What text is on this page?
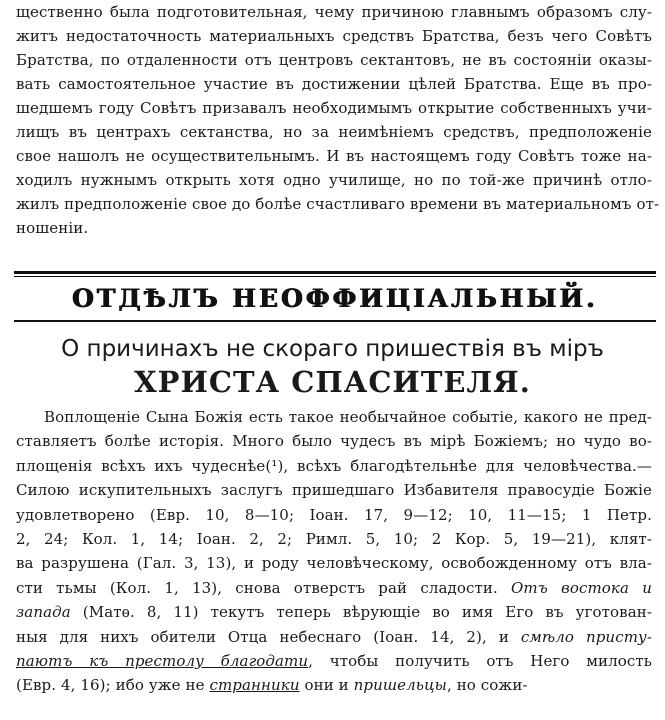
щественно была подготовительная, чему причиною главнымъ образомъ слу-
житъ недостаточность материальныхъ средствъ Братства, безъ чего Совѣтъ
Братства, по отдаленности отъ центровъ сектантовъ, не въ состоянiи оказы-
вать самостоятельное участие въ достижении цѣлей Братства. Еще въ про-
шедшемъ году Совѣтъ призавалъ необходимымъ открытие собственныхъ учи-
лищъ въ центрахъ сектанства, но за неимѣнiемъ средствъ, предположенiе
свое нашолъ не осуществительнымъ. И въ настоящемъ году Совѣтъ тоже на-
ходилъ нужнымъ открыть хотя одно училище, но по той-же причинѣ отло-
жилъ предположенiе свое до болѣе счастливаго времени въ материальномъ от-
ношенiи.
ОТДѢЛЪ НЕОФФИЦIАЛЬНЫЙ.
О причинахъ не скораго пришествiя въ мiръ
ХРИСТА СПАСИТЕЛЯ.
Воплощенiе Сына Божiя есть такое необычайное событiе, какого не пред-
ставляетъ болѣе исторiя. Много было чудесъ въ мiрѣ Божiемъ; но чудо во-
площенiя всѣхъ ихъ чудеснѣе(¹), всѣхъ благодѣтельнѣе для человѣчества.—
Силою искупительныхъ заслугъ пришедшаго Избавителя правосудiе Божiе
удовлетворено (Евр. 10, 8—10; Iоан. 17, 9—12; 10, 11—15; 1 Петр.
2, 24; Кол. 1, 14; Iоан. 2, 2; Римл. 5, 10; 2 Кор. 5, 19—21), клят-
ва разрушена (Гал. 3, 13), и роду человѣческому, освобожденному отъ вла-
сти тьмы (Кол. 1, 13), снова отверстъ рай сладости. Отъ востока и
запада (Матѳ. 8, 11) текутъ теперь вѣрующiе во имя Его въ уготован-
ныя для нихъ обители Отца небеснаго (Iоан. 14, 2), и смѣло присту-
паютъ къ престолу благодати, чтобы получить отъ Него милость
(Евр. 4, 16); ибо уже не странники они и пришельцы, но сожи-
